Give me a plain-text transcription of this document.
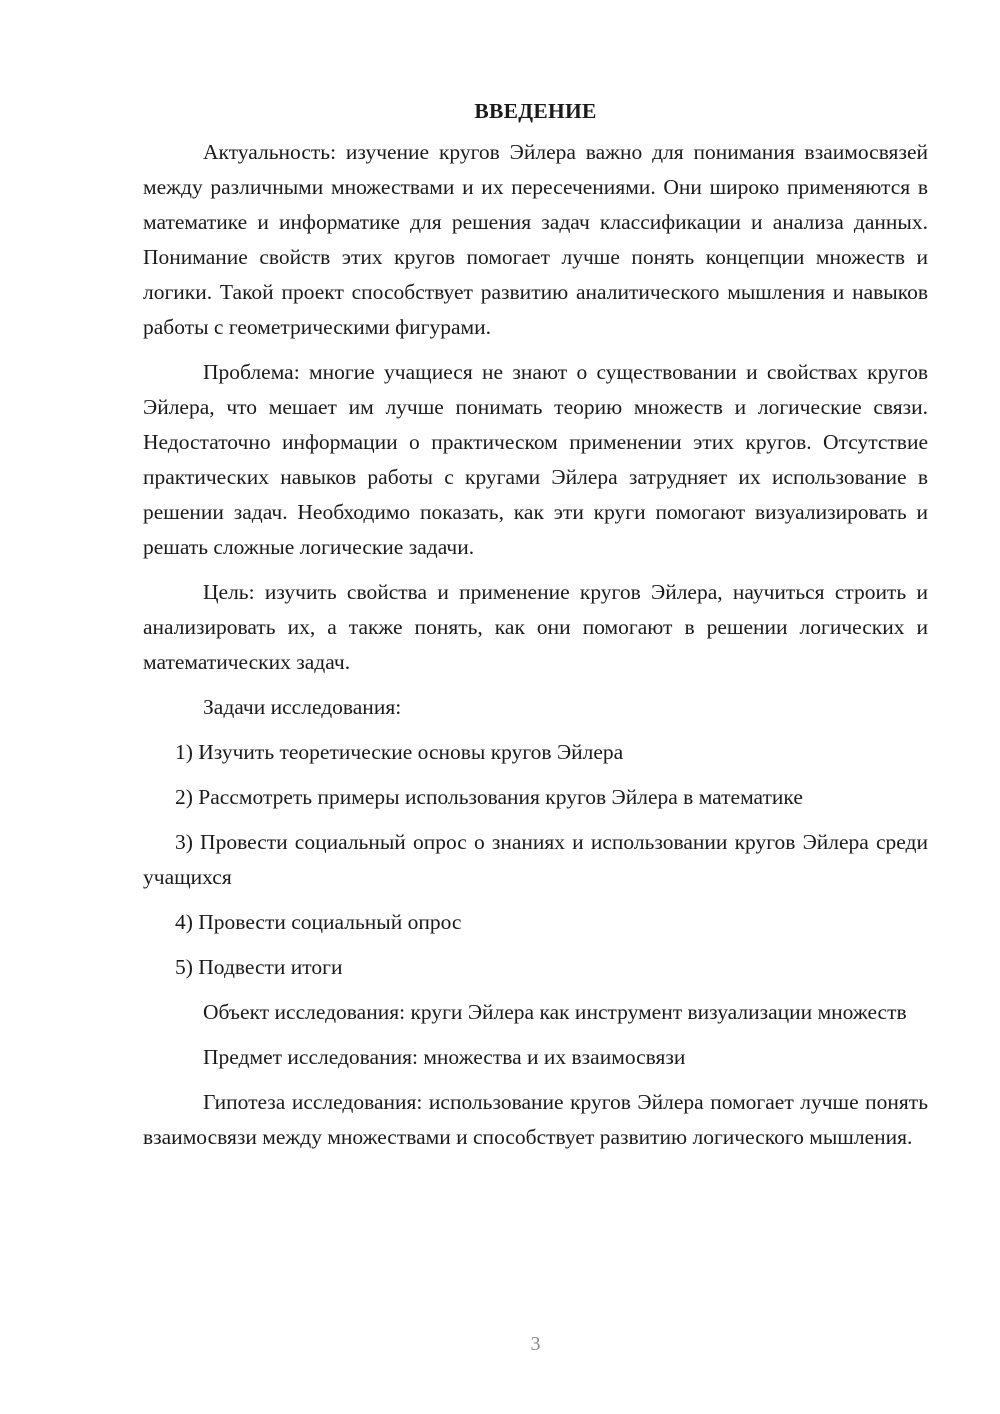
ВВЕДЕНИЕ

Актуальность: изучение кругов Эйлера важно для понимания взаимосвязей между различными множествами и их пересечениями. Они широко применяются в математике и информатике для решения задач классификации и анализа данных. Понимание свойств этих кругов помогает лучше понять концепции множеств и логики. Такой проект способствует развитию аналитического мышления и навыков работы с геометрическими фигурами.

Проблема: многие учащиеся не знают о существовании и свойствах кругов Эйлера, что мешает им лучше понимать теорию множеств и логические связи. Недостаточно информации о практическом применении этих кругов. Отсутствие практических навыков работы с кругами Эйлера затрудняет их использование в решении задач. Необходимо показать, как эти круги помогают визуализировать и решать сложные логические задачи.

Цель: изучить свойства и применение кругов Эйлера, научиться строить и анализировать их, а также понять, как они помогают в решении логических и математических задач.

Задачи исследования:

1) Изучить теоретические основы кругов Эйлера

2) Рассмотреть примеры использования кругов Эйлера в математике

3) Провести социальный опрос о знаниях и использовании кругов Эйлера среди учащихся

4) Провести социальный опрос

5) Подвести итоги

Объект исследования: круги Эйлера как инструмент визуализации множеств

Предмет исследования: множества и их взаимосвязи

Гипотеза исследования: использование кругов Эйлера помогает лучше понять взаимосвязи между множествами и способствует развитию логического мышления.

3
